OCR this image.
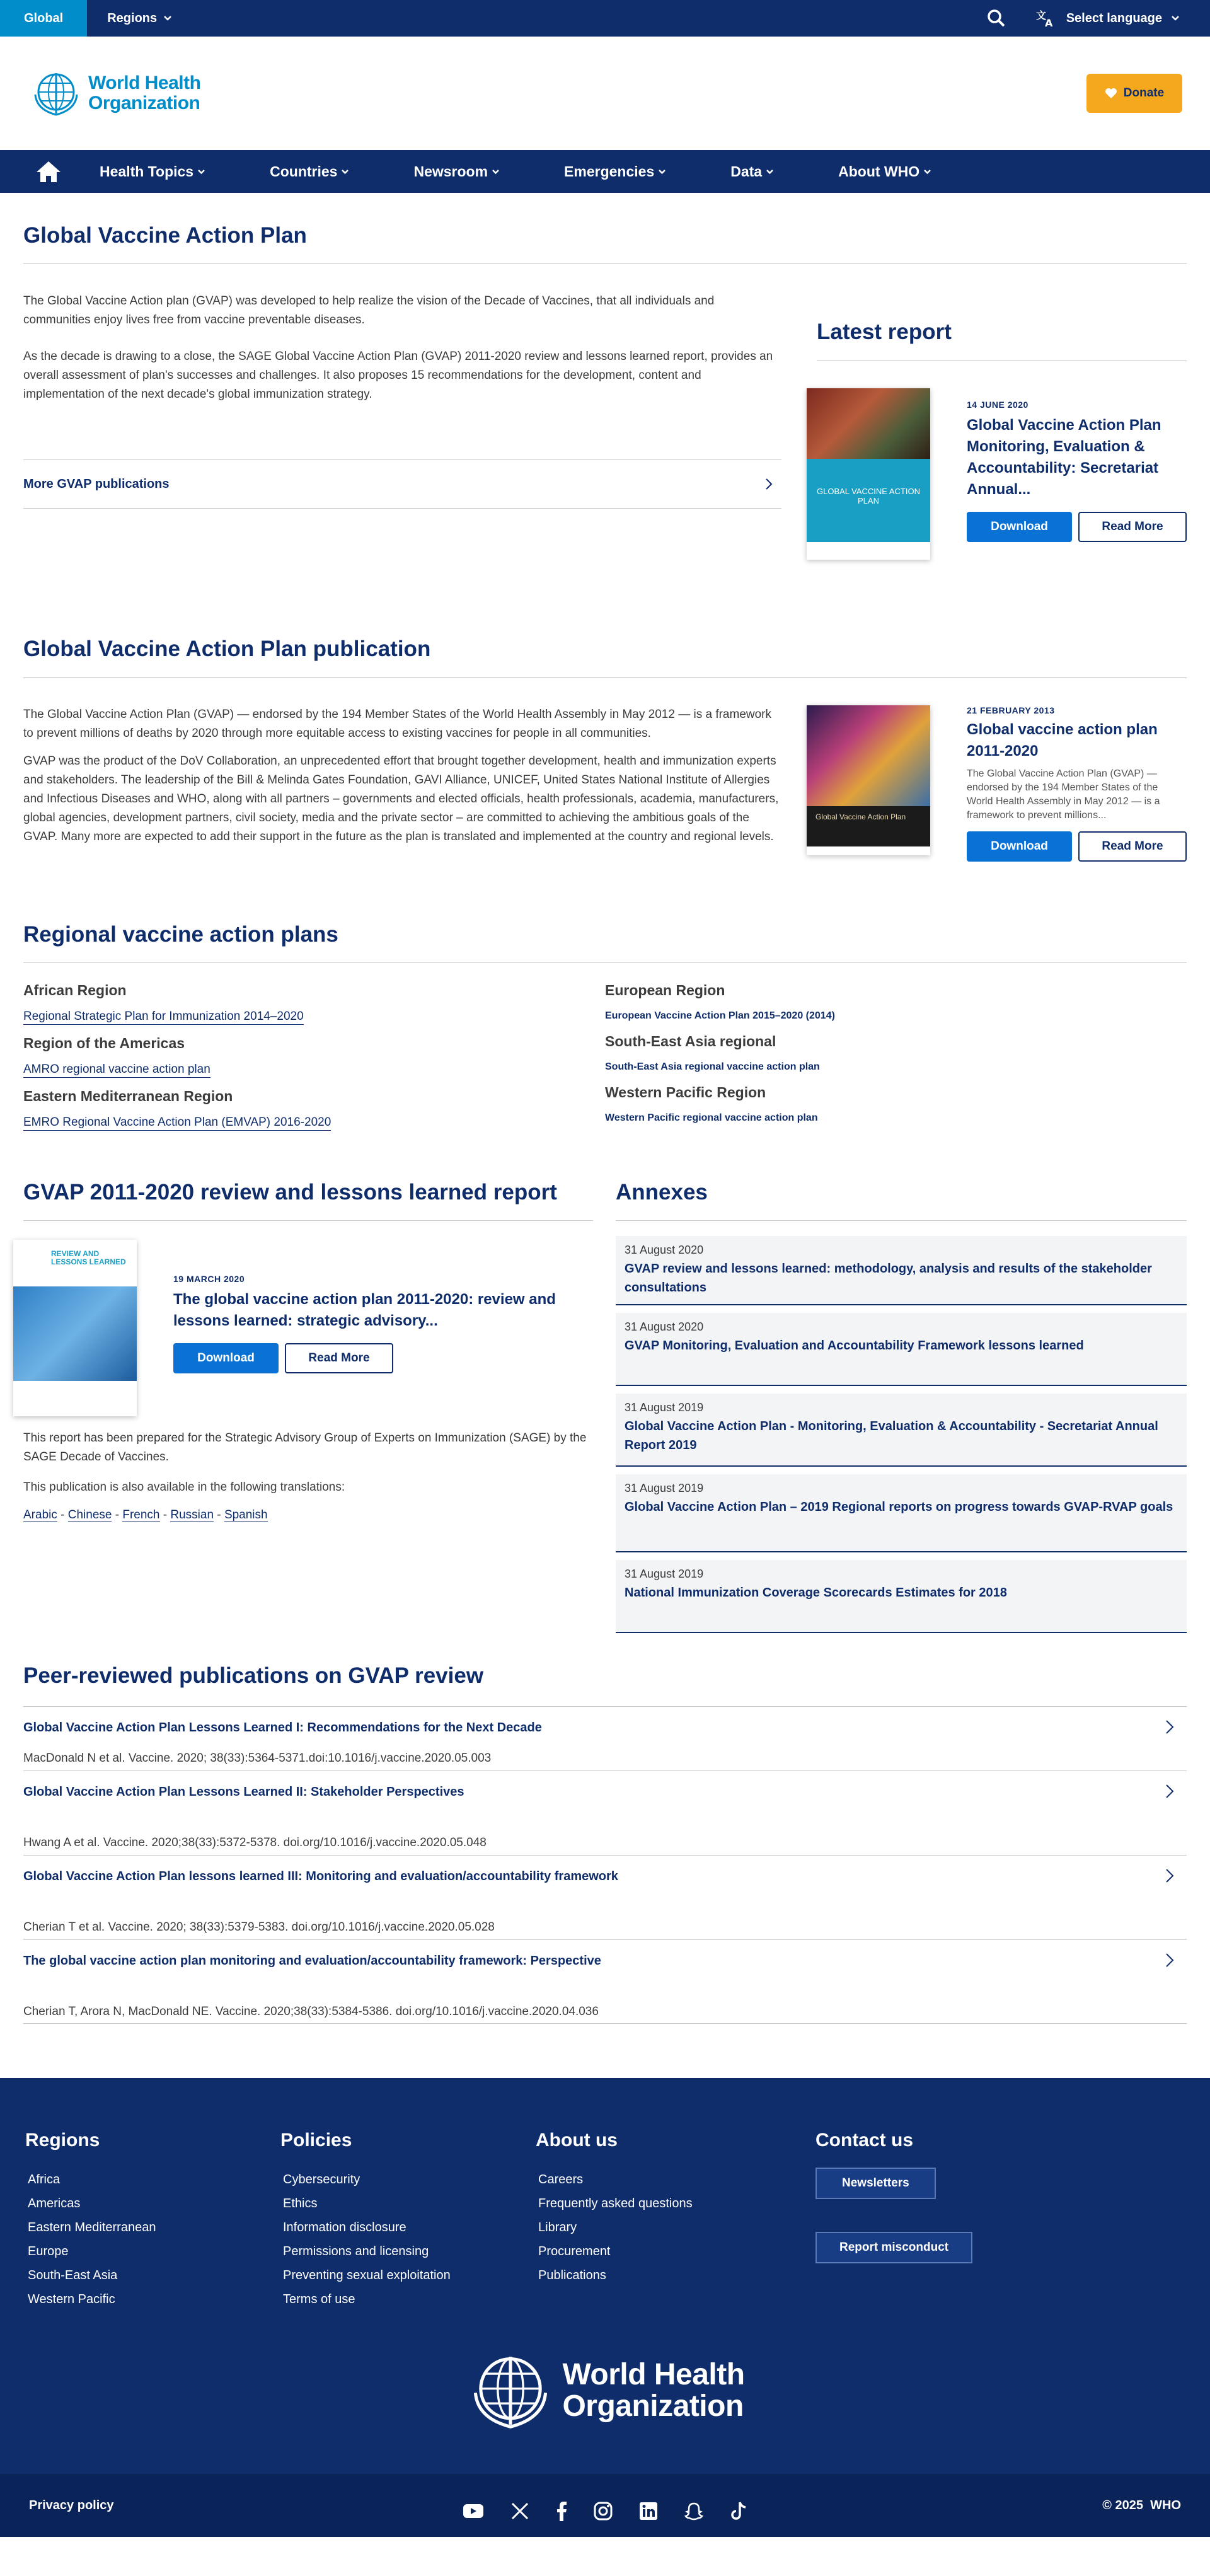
Global	Regions	文
A Select language
World Health
Organization	Donate
Health Topics	Countries	Newsroom	Emergencies	Data	About WHO
Global Vaccine Action Plan

The Global Vaccine Action plan (GVAP) was developed to help realize the vision of the Decade of Vaccines, that all individuals and communities enjoy lives free from vaccine preventable diseases.

As the decade is drawing to a close, the SAGE Global Vaccine Action Plan (GVAP) 2011-2020 review and lessons learned report, provides an overall assessment of plan's successes and challenges. It also proposes 15 recommendations for the development, content and implementation of the next decade's global immunization strategy.

More GVAP publications
Latest report
GLOBAL VACCINE ACTION PLAN
14 JUNE 2020
Global Vaccine Action Plan Monitoring, Evaluation & Accountability: Secretariat Annual...
Download	Read More
Global Vaccine Action Plan publication

The Global Vaccine Action Plan (GVAP) — endorsed by the 194 Member States of the World Health Assembly in May 2012 — is a framework to prevent millions of deaths by 2020 through more equitable access to existing vaccines for people in all communities.

GVAP was the product of the DoV Collaboration, an unprecedented effort that brought together development, health and immunization experts and stakeholders. The leadership of the Bill & Melinda Gates Foundation, GAVI Alliance, UNICEF, United States National Institute of Allergies and Infectious Diseases and WHO, along with all partners – governments and elected officials, health professionals, academia, manufacturers, global agencies, development partners, civil society, media and the private sector – are committed to achieving the ambitious goals of the GVAP. Many more are expected to add their support in the future as the plan is translated and implemented at the country and regional levels.

Global Vaccine Action Plan
21 FEBRUARY 2013
Global vaccine action plan 2011-2020

The Global Vaccine Action Plan (GVAP) — endorsed by the 194 Member States of the World Health Assembly in May 2012 — is a framework to prevent millions...

Download	Read More
Regional vaccine action plans
African Region
Regional Strategic Plan for Immunization 2014–2020
Region of the Americas
AMRO regional vaccine action plan
Eastern Mediterranean Region
EMRO Regional Vaccine Action Plan (EMVAP) 2016-2020
European Region
European Vaccine Action Plan 2015–2020 (2014)
South-East Asia regional
South-East Asia regional vaccine action plan
Western Pacific Region
Western Pacific regional vaccine action plan
GVAP 2011-2020 review and lessons learned report
REVIEW AND LESSONS LEARNED
19 MARCH 2020
The global vaccine action plan 2011-2020: review and lessons learned: strategic advisory...
Download	Read More

This report has been prepared for the Strategic Advisory Group of Experts on Immunization (SAGE) by the SAGE Decade of Vaccines.

This publication is also available in the following translations:

Arabic - Chinese - French - Russian - Spanish

Annexes
31 August 2020
GVAP review and lessons learned: methodology, analysis and results of the stakeholder consultations
31 August 2020
GVAP Monitoring, Evaluation and Accountability Framework lessons learned
31 August 2019
Global Vaccine Action Plan - Monitoring, Evaluation & Accountability - Secretariat Annual Report 2019
31 August 2019
Global Vaccine Action Plan – 2019 Regional reports on progress towards GVAP-RVAP goals
31 August 2019
National Immunization Coverage Scorecards Estimates for 2018
Peer-reviewed publications on GVAP review
Global Vaccine Action Plan Lessons Learned I: Recommendations for the Next Decade
MacDonald N et al. Vaccine. 2020; 38(33):5364-5371.doi:10.1016/j.vaccine.2020.05.003
Global Vaccine Action Plan Lessons Learned II: Stakeholder Perspectives
Hwang A et al. Vaccine. 2020;38(33):5372-5378. doi.org/10.1016/j.vaccine.2020.05.048
Global Vaccine Action Plan lessons learned III: Monitoring and evaluation/accountability framework
Cherian T et al. Vaccine. 2020; 38(33):5379-5383. doi.org/10.1016/j.vaccine.2020.05.028
The global vaccine action plan monitoring and evaluation/accountability framework: Perspective
Cherian T, Arora N, MacDonald NE. Vaccine. 2020;38(33):5384-5386. doi.org/10.1016/j.vaccine.2020.04.036
Regions
Africa
Americas
Eastern Mediterranean
Europe
South-East Asia
Western Pacific
Policies
Cybersecurity
Ethics
Information disclosure
Permissions and licensing
Preventing sexual exploitation
Terms of use
About us
Careers
Frequently asked questions
Library
Procurement
Publications
Contact us
Newsletters
Report misconduct
World Health
Organization
Privacy policy	© 2025  WHO
